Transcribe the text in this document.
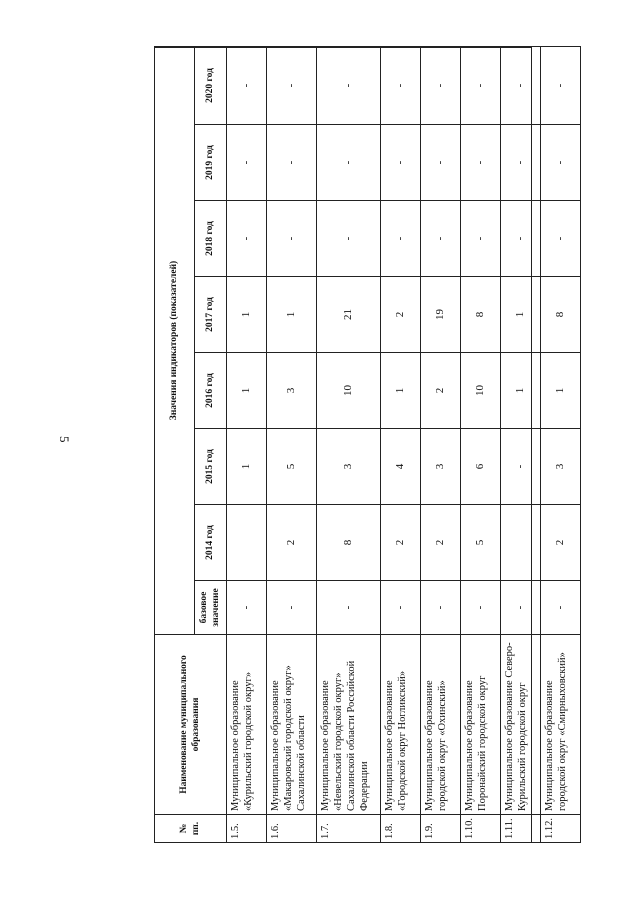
5
№ пп.	Наименование муниципального образования	Значения индикаторов (показателей)							
		базовое значение	2014 год	2015 год	2016 год	2017 год	2018 год	2019 год	2020 год
1.5.	Муниципальное образование «Курильский городской округ»	-		1	1	1	-	-	-
1.6.	Муниципальное образование «Макаровский городской округ» Сахалинской области	-	2	5	3	1	-	-	-
1.7.	Муниципальное образование «Невельский городской округ» Сахалинской области Российской Федерации	-	8	3	10	21	-	-	-
1.8.	Муниципальное образование «Городской округ Ногликский»	-	2	4	1	2	-	-	-
1.9.	Муниципальное образование городской округ «Охинский»	-	2	3	2	19	-	-	-
1.10.	Муниципальное образование Поронайский городской округ	-	5	6	10	8	-	-	-
1.11.	Муниципальное образование Северо-Курильский городской округ	-		-	1	1	-	-	-
1.12.	Муниципальное образование городской округ «Смирныховский»	-	2	3	1	8	-	-	-
